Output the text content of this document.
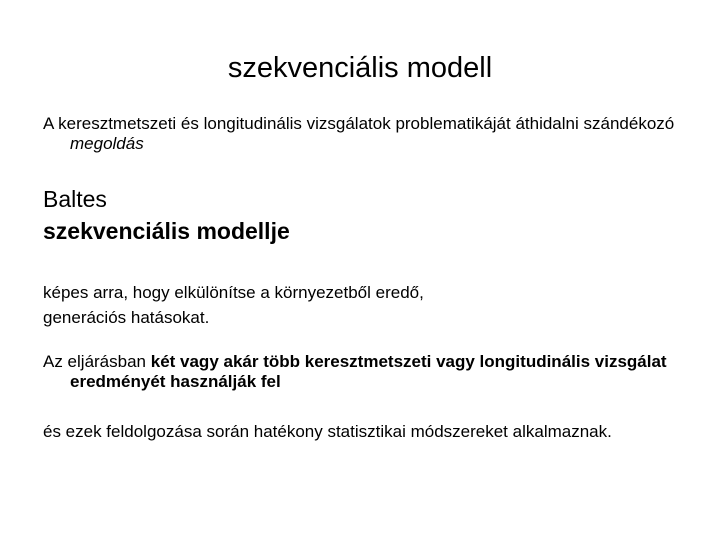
szekvenciális modell
A keresztmetszeti és longitudinális vizsgálatok problematikáját áthidalni szándékozó megoldás
Baltes
szekvenciális modellje
képes arra, hogy elkülönítse a környezetből eredő,
generációs hatásokat.
Az eljárásban két vagy akár több keresztmetszeti vagy longitudinális vizsgálat eredményét használják fel
és ezek feldolgozása során hatékony statisztikai módszereket alkalmaznak.
